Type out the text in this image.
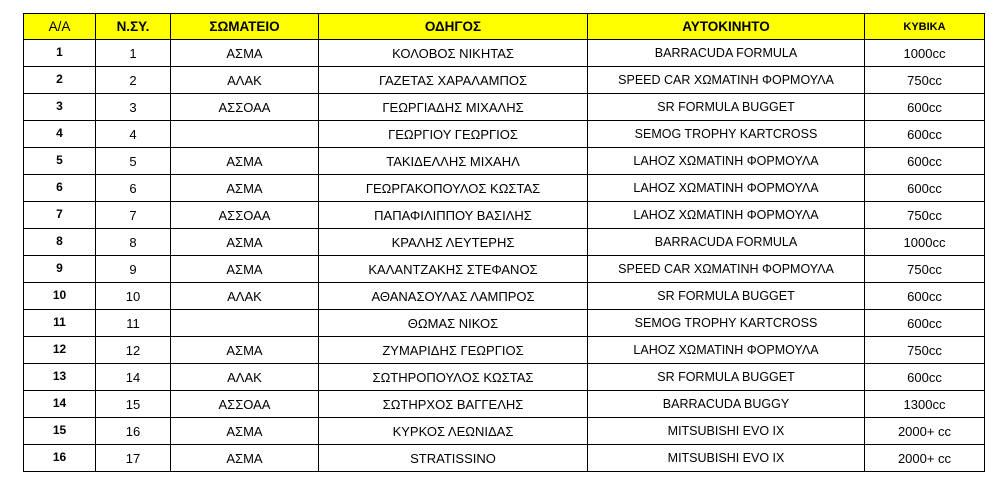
Α/Α	Ν.ΣΥ.	ΣΩΜΑΤΕΙΟ	ΟΔΗΓΟΣ	ΑΥΤΟΚΙΝΗΤΟ	ΚΥΒΙΚΑ
1	1	ΑΣΜΑ	ΚΟΛΟΒΟΣ ΝΙΚΗΤΑΣ	BARRACUDA FORMULA	1000cc
2	2	ΑΛΑΚ	ΓΑΖΕΤΑΣ ΧΑΡΑΛΑΜΠΟΣ	SPEED CAR ΧΩΜΑΤΙΝΗ ΦΟΡΜΟΥΛΑ	750cc
3	3	ΑΣΣΟΑΑ	ΓΕΩΡΓΙΑΔΗΣ ΜΙΧΑΛΗΣ	SR FORMULA BUGGET	600cc
4	4		ΓΕΩΡΓΙΟΥ ΓΕΩΡΓΙΟΣ	SEMOG TROPHY KARTCROSS	600cc
5	5	ΑΣΜΑ	ΤΑΚΙΔΕΛΛΗΣ ΜΙΧΑΗΛ	LAHOZ ΧΩΜΑΤΙΝΗ ΦΟΡΜΟΥΛΑ	600cc
6	6	ΑΣΜΑ	ΓΕΩΡΓΑΚΟΠΟΥΛΟΣ ΚΩΣΤΑΣ	LAHOZ ΧΩΜΑΤΙΝΗ ΦΟΡΜΟΥΛΑ	600cc
7	7	ΑΣΣΟΑΑ	ΠΑΠΑΦΙΛΙΠΠΟΥ ΒΑΣΙΛΗΣ	LAHOZ ΧΩΜΑΤΙΝΗ ΦΟΡΜΟΥΛΑ	750cc
8	8	ΑΣΜΑ	ΚΡΑΛΗΣ ΛΕΥΤΕΡΗΣ	BARRACUDA FORMULA	1000cc
9	9	ΑΣΜΑ	ΚΑΛΑΝΤΖΑΚΗΣ ΣΤΕΦΑΝΟΣ	SPEED CAR ΧΩΜΑΤΙΝΗ ΦΟΡΜΟΥΛΑ	750cc
10	10	ΑΛΑΚ	ΑΘΑΝΑΣΟΥΛΑΣ ΛΑΜΠΡΟΣ	SR FORMULA BUGGET	600cc
11	11		ΘΩΜΑΣ ΝΙΚΟΣ	SEMOG TROPHY KARTCROSS	600cc
12	12	ΑΣΜΑ	ΖΥΜΑΡΙΔΗΣ ΓΕΩΡΓΙΟΣ	LAHOZ ΧΩΜΑΤΙΝΗ ΦΟΡΜΟΥΛΑ	750cc
13	14	ΑΛΑΚ	ΣΩΤΗΡΟΠΟΥΛΟΣ ΚΩΣΤΑΣ	SR FORMULA BUGGET	600cc
14	15	ΑΣΣΟΑΑ	ΣΩΤΗΡΧΟΣ ΒΑΓΓΕΛΗΣ	BARRACUDA BUGGY	1300cc
15	16	ΑΣΜΑ	ΚΥΡΚΟΣ ΛΕΩΝΙΔΑΣ	MITSUBISHI EVO IX	2000+ cc
16	17	ΑΣΜΑ	STRATISSINO	MITSUBISHI EVO IX	2000+ cc
